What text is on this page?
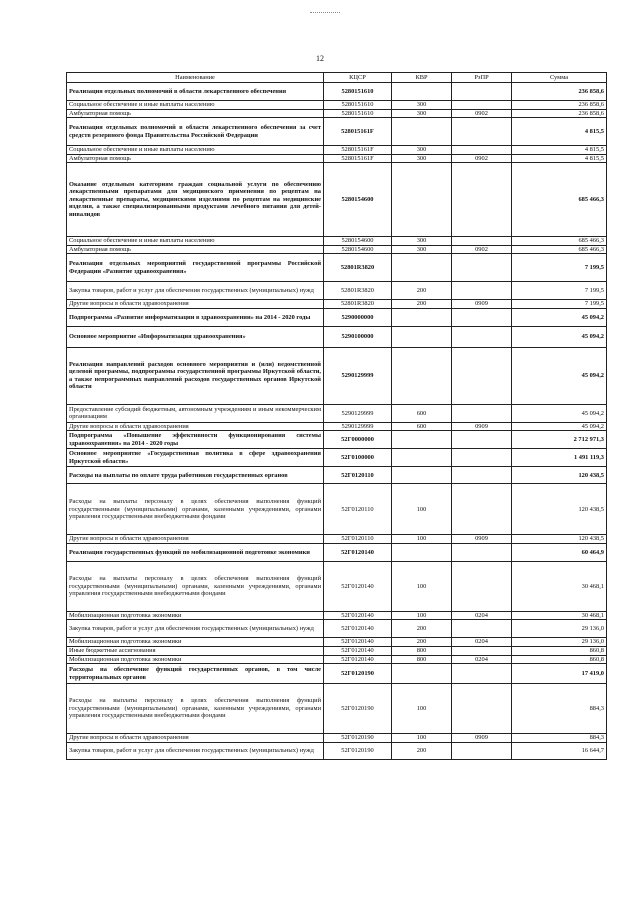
12
Наименование	КЦСР	КВР	РзПР	Сумма
Реализация отдельных полномочий в области лекарственного обеспечения	5280151610			236 858,6
Социальное обеспечение и иные выплаты населению	5280151610	300		236 858,6
Амбулаторная помощь	5280151610	300	0902	236 858,6
Реализация отдельных полномочий в области лекарственного обеспечения за счет средств резервного фонда Правительства Российской Федерации	528015161F			4 815,5
Социальное обеспечение и иные выплаты населению	528015161F	300		4 815,5
Амбулаторная помощь	528015161F	300	0902	4 815,5
Оказание отдельным категориям граждан социальной услуги по обеспечению лекарственными препаратами для медицинского применения по рецептам на лекарственные препараты, медицинскими изделиями по рецептам на медицинские изделия, а также специализированными продуктами лечебного питания для детей-инвалидов	5280154600			685 466,3
Социальное обеспечение и иные выплаты населению	5280154600	300		685 466,3
Амбулаторная помощь	5280154600	300	0902	685 466,3
Реализация отдельных мероприятий государственной программы Российской Федерации «Развитие здравоохранения»	52801R3820			7 199,5
Закупка товаров, работ и услуг для обеспечения государственных (муниципальных) нужд	52801R3820	200		7 199,5
Другие вопросы в области здравоохранения	52801R3820	200	0909	7 199,5
Подпрограмма «Развитие информатизации в здравоохранении» на 2014 - 2020 годы	5290000000			45 094,2
Основное мероприятие «Информатизация здравоохранения»	5290100000			45 094,2
Реализация направлений расходов основного мероприятия и (или) ведомственной целевой программы, подпрограммы государственной программы Иркутской области, а также непрограммных направлений расходов государственных органов Иркутской области	5290129999			45 094,2
Предоставление субсидий бюджетным, автономным учреждениям и иным некоммерческим организациям	5290129999	600		45 094,2
Другие вопросы в области здравоохранения	5290129999	600	0909	45 094,2
Подпрограмма «Повышение эффективности функционирования системы здравоохранения» на 2014 - 2020 годы	52Г0000000			2 712 971,3
Основное мероприятие «Государственная политика в сфере здравоохранения Иркутской области»	52Г0100000			1 491 119,3
Расходы на выплаты по оплате труда работников государственных органов	52Г0120110			120 438,5
Расходы на выплаты персоналу в целях обеспечения выполнения функций государственными (муниципальными) органами, казенными учреждениями, органами управления государственными внебюджетными фондами	52Г0120110	100		120 438,5
Другие вопросы в области здравоохранения	52Г0120110	100	0909	120 438,5
Реализация государственных функций по мобилизационной подготовке экономики	52Г0120140			60 464,9
Расходы на выплаты персоналу в целях обеспечения выполнения функций государственными (муниципальными) органами, казенными учреждениями, органами управления государственными внебюджетными фондами	52Г0120140	100		30 468,1
Мобилизационная подготовка экономики	52Г0120140	100	0204	30 468,1
Закупка товаров, работ и услуг для обеспечения государственных (муниципальных) нужд	52Г0120140	200		29 136,0
Мобилизационная подготовка экономики	52Г0120140	200	0204	29 136,0
Иные бюджетные ассигнования	52Г0120140	800		860,8
Мобилизационная подготовка экономики	52Г0120140	800	0204	860,8
Расходы на обеспечение функций государственных органов, в том числе территориальных органов	52Г0120190			17 419,0
Расходы на выплаты персоналу в целях обеспечения выполнения функций государственными (муниципальными) органами, казенными учреждениями, органами управления государственными внебюджетными фондами	52Г0120190	100		884,3
Другие вопросы в области здравоохранения	52Г0120190	100	0909	884,3
Закупка товаров, работ и услуг для обеспечения государственных (муниципальных) нужд	52Г0120190	200		16 644,7
